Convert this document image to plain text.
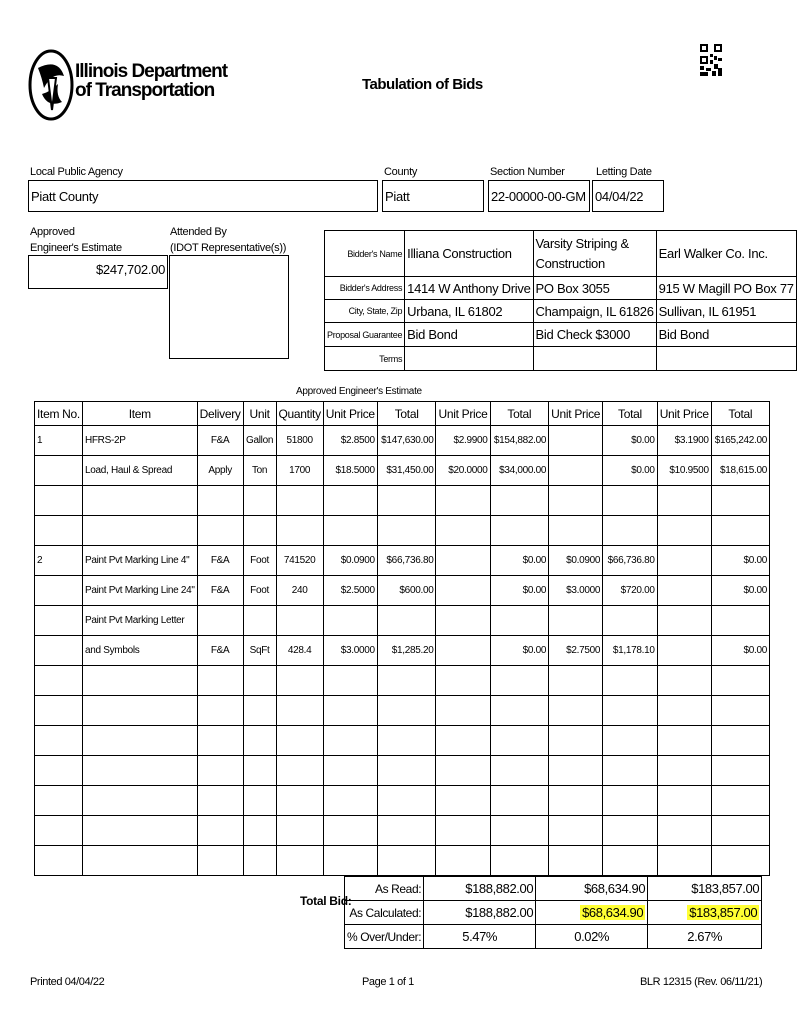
Illinois Department
of Transportation	Tabulation of Bids
Local Public Agency
Piatt County
County
Piatt
Section Number
22-00000-00-GM
Letting Date
04/04/22
Approved
Engineer's Estimate
$247,702.00
Attended By
(IDOT Representative(s))	Bidder's Name	Illiana Construction	Varsity Striping & Construction	Earl Walker Co. Inc.
Bidder's Address	1414 W Anthony Drive	PO Box 3055	915 W Magill PO Box 77
City, State, Zip	Urbana, IL 61802	Champaign, IL 61826	Sullivan, IL 61951
Proposal Guarantee	Bid Bond	Bid Check $3000	Bid Bond
Terms			
Approved Engineer's Estimate
Item No.	Item	Delivery	Unit	Quantity	Unit Price	Total	Unit Price	Total	Unit Price	Total	Unit Price	Total
1	HFRS-2P	F&A	Gallon	51800	$2.8500	$147,630.00	$2.9900	$154,882.00		$0.00	$3.1900	$165,242.00
	Load, Haul & Spread	Apply	Ton	1700	$18.5000	$31,450.00	$20.0000	$34,000.00		$0.00	$10.9500	$18,615.00

2	Paint Pvt Marking Line 4"	F&A	Foot	741520	$0.0900	$66,736.80		$0.00	$0.0900	$66,736.80		$0.00
	Paint Pvt Marking Line 24"	F&A	Foot	240	$2.5000	$600.00		$0.00	$3.0000	$720.00		$0.00
	Paint Pvt Marking Letter											
	and Symbols	F&A	SqFt	428.4	$3.0000	$1,285.20		$0.00	$2.7500	$1,178.10		$0.00

Total Bid:
As Read:	$188,882.00	$68,634.90	$183,857.00
As Calculated:	$188,882.00	$68,634.90	$183,857.00
% Over/Under:	5.47%	0.02%	2.67%
Printed 04/04/22	Page 1 of 1	BLR 12315 (Rev. 06/11/21)
